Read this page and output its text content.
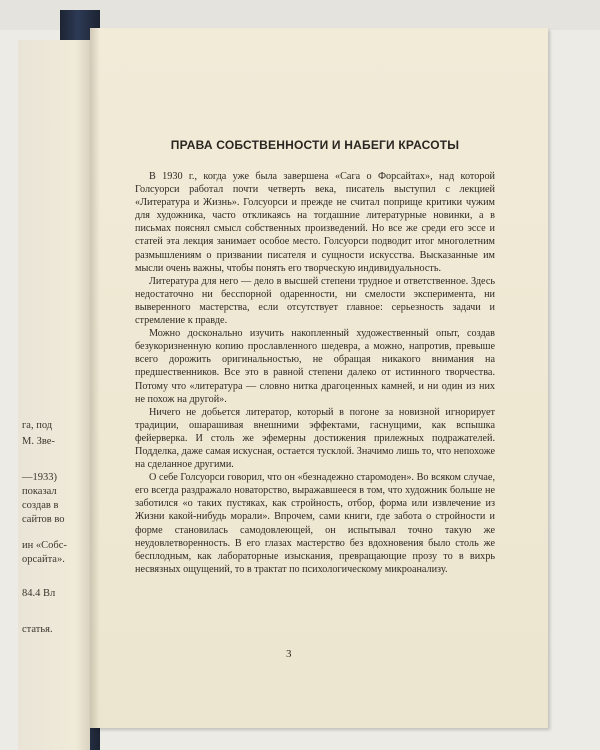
га, под
М. Зве-
—1933)
показал
создав в
сайтов во
ин «Собс-
орсайта».
84.4 Вл
статья.
ПРАВА СОБСТВЕННОСТИ И НАБЕГИ КРАСОТЫ

В 1930 г., когда уже была завершена «Сага о Форсайтах», над которой Голсуорси работал почти четверть века, писатель выступил с лекцией «Литература и Жизнь». Голсуорси и прежде не считал поприще критики чужим для художника, часто откликаясь на тогдашние литературные новинки, а в письмах пояснял смысл собственных произведений. Но все же среди его эссе и статей эта лекция занимает особое место. Голсуорси подводит итог многолетним размышлениям о призвании писателя и сущности искусства. Высказанные им мысли очень важны, чтобы понять его творческую индивидуальность.

Литература для него — дело в высшей степени трудное и ответственное. Здесь недостаточно ни бесспорной одаренности, ни смелости эксперимента, ни выверенного мастерства, если отсутствует главное: серьезность задачи и стремление к правде.

Можно досконально изучить накопленный художественный опыт, создав безукоризненную копию прославленного шедевра, а можно, напротив, превыше всего дорожить оригинальностью, не обращая никакого внимания на предшественников. Все это в равной степени далеко от истинного творчества. Потому что «литература — словно нитка драгоценных камней, и ни один из них не похож на другой».

Ничего не добьется литератор, который в погоне за новизной игнорирует традиции, ошарашивая внешними эффектами, гаснущими, как вспышка фейерверка. И столь же эфемерны достижения прилежных подражателей. Подделка, даже самая искусная, остается тусклой. Значимо лишь то, что непохоже на сделанное другими.

О себе Голсуорси говорил, что он «безнадежно старомоден». Во всяком случае, его всегда раздражало новаторство, выражавшееся в том, что художник больше не заботился «о таких пустяках, как стройность, отбор, форма или извлечение из Жизни какой-нибудь морали». Впрочем, сами книги, где забота о стройности и форме становилась самодовлеющей, он испытывал точно такую же неудовлетворенность. В его глазах мастерство без вдохновения было столь же бесплодным, как лабораторные изыскания, превращающие прозу то в вихрь несвязных ощущений, то в трактат по психологическому микроанализу.

3
